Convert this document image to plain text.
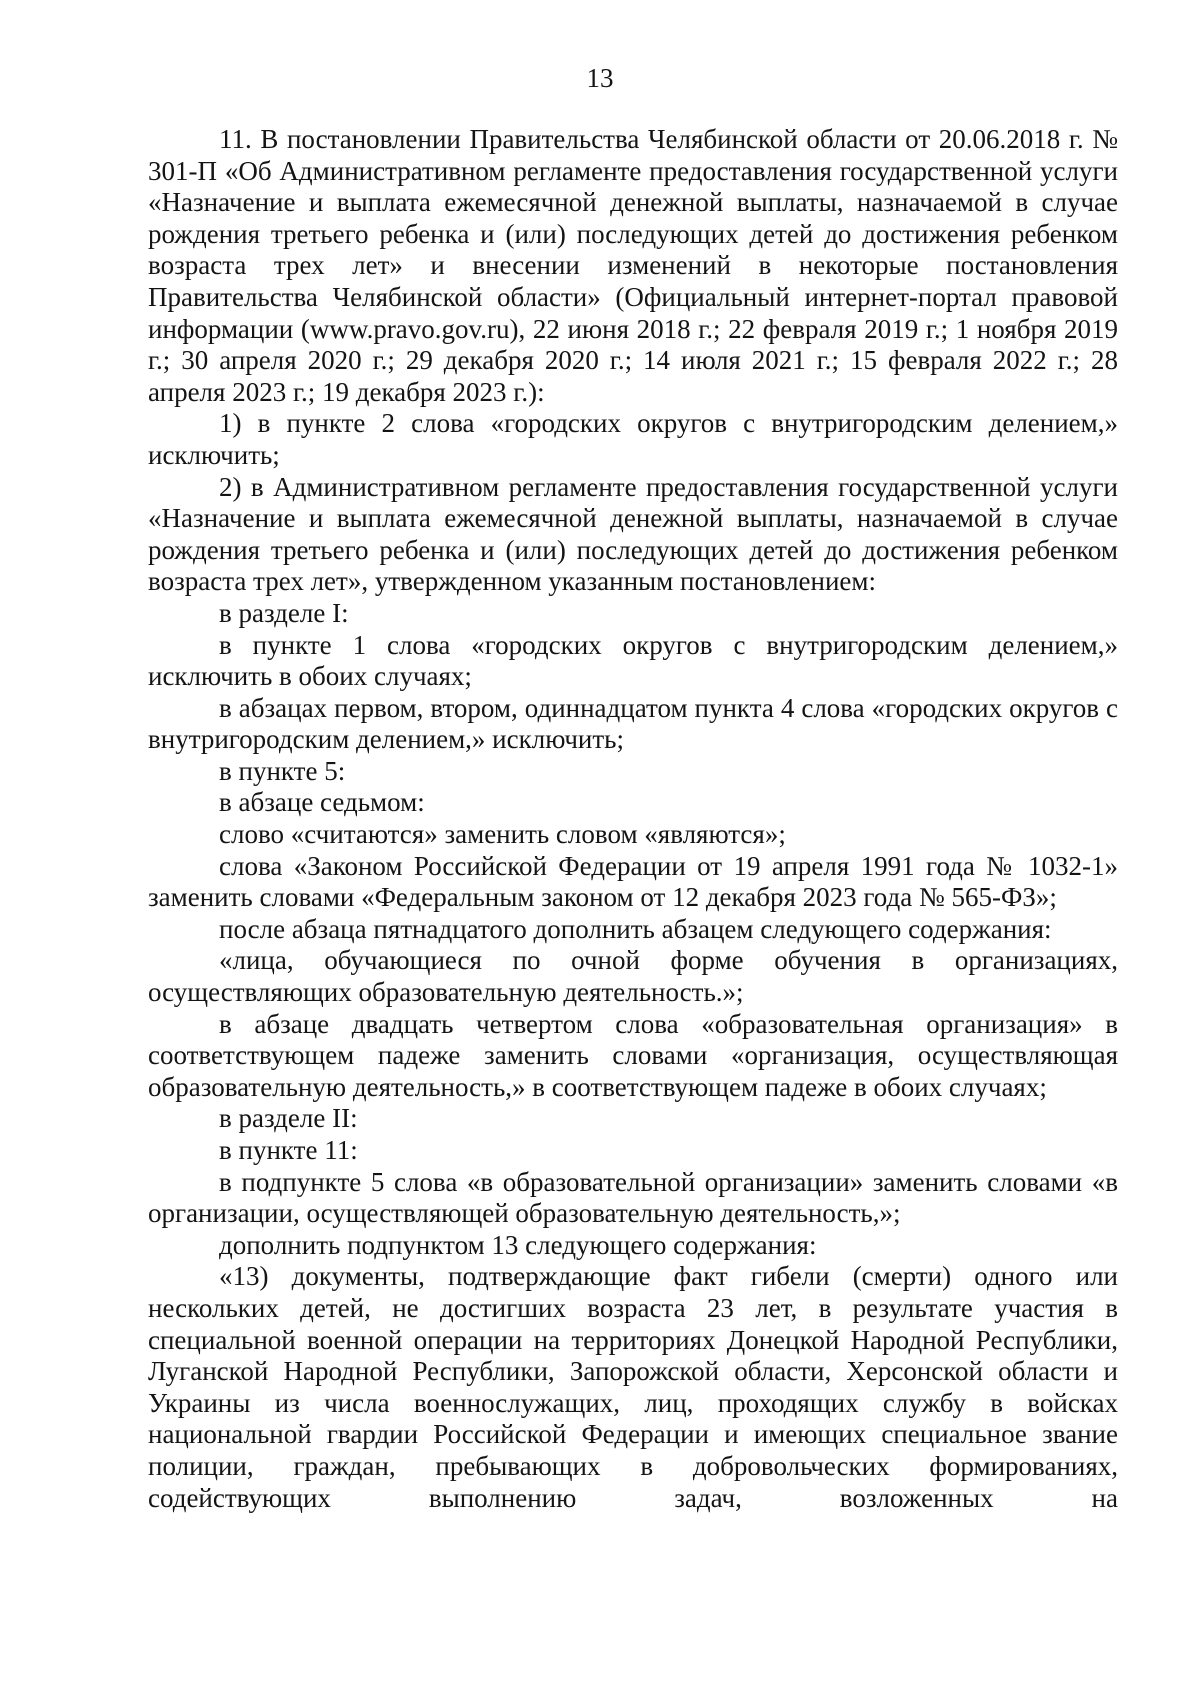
13

11. В постановлении Правительства Челябинской области от 20.06.2018 г. № 301-П «Об Административном регламенте предоставления государственной услуги «Назначение и выплата ежемесячной денежной выплаты, назначаемой в случае рождения третьего ребенка и (или) последующих детей до достижения ребенком возраста трех лет» и внесении изменений в некоторые постановления Правительства Челябинской области» (Официальный интернет-портал правовой информации (www.pravo.gov.ru), 22 июня 2018 г.; 22 февраля 2019 г.; 1 ноября 2019 г.; 30 апреля 2020 г.; 29 декабря 2020 г.; 14 июля 2021 г.; 15 февраля 2022 г.; 28 апреля 2023 г.; 19 декабря 2023 г.):

1) в пункте 2 слова «городских округов с внутригородским делением,» исключить;

2) в Административном регламенте предоставления государственной услуги «Назначение и выплата ежемесячной денежной выплаты, назначаемой в случае рождения третьего ребенка и (или) последующих детей до достижения ребенком возраста трех лет», утвержденном указанным постановлением:

в разделе I:

в пункте 1 слова «городских округов с внутригородским делением,» исключить в обоих случаях;

в абзацах первом, втором, одиннадцатом пункта 4 слова «городских округов с внутригородским делением,» исключить;

в пункте 5:

в абзаце седьмом:

слово «считаются» заменить словом «являются»;

слова «Законом Российской Федерации от 19 апреля 1991 года № 1032-1» заменить словами «Федеральным законом от 12 декабря 2023 года № 565-ФЗ»;

после абзаца пятнадцатого дополнить абзацем следующего содержания:

«лица, обучающиеся по очной форме обучения в организациях, осуществляющих образовательную деятельность.»;

в абзаце двадцать четвертом слова «образовательная организация» в соответствующем падеже заменить словами «организация, осуществляющая образовательную деятельность,» в соответствующем падеже в обоих случаях;

в разделе II:

в пункте 11:

в подпункте 5 слова «в образовательной организации» заменить словами «в организации, осуществляющей образовательную деятельность,»;

дополнить подпунктом 13 следующего содержания:

«13) документы, подтверждающие факт гибели (смерти) одного или нескольких детей, не достигших возраста 23 лет, в результате участия в специальной военной операции на территориях Донецкой Народной Республики, Луганской Народной Республики, Запорожской области, Херсонской области и Украины из числа военнослужащих, лиц, проходящих службу в войсках национальной гвардии Российской Федерации и имеющих специальное звание полиции, граждан, пребывающих в добровольческих формированиях, содействующих выполнению задач, возложенных на
